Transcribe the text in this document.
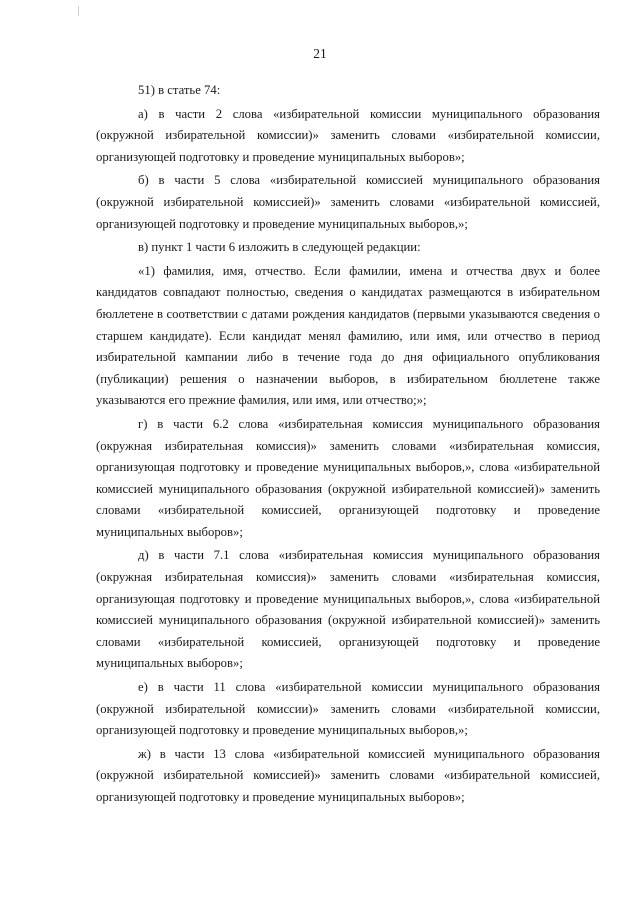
21

51) в статье 74:

а) в части 2 слова «избирательной комиссии муниципального образования (окружной избирательной комиссии)» заменить словами «избирательной комиссии, организующей подготовку и проведение муниципальных выборов»;

б) в части 5 слова «избирательной комиссией муниципального образования (окружной избирательной комиссией)» заменить словами «избирательной комиссией, организующей подготовку и проведение муниципальных выборов,»;

в) пункт 1 части 6 изложить в следующей редакции:

«1) фамилия, имя, отчество. Если фамилии, имена и отчества двух и более кандидатов совпадают полностью, сведения о кандидатах размещаются в избирательном бюллетене в соответствии с датами рождения кандидатов (первыми указываются сведения о старшем кандидате). Если кандидат менял фамилию, или имя, или отчество в период избирательной кампании либо в течение года до дня официального опубликования (публикации) решения о назначении выборов, в избирательном бюллетене также указываются его прежние фамилия, или имя, или отчество;»;

г) в части 6.2 слова «избирательная комиссия муниципального образования (окружная избирательная комиссия)» заменить словами «избирательная комиссия, организующая подготовку и проведение муниципальных выборов,», слова «избирательной комиссией муниципального образования (окружной избирательной комиссией)» заменить словами «избирательной комиссией, организующей подготовку и проведение муниципальных выборов»;

д) в части 7.1 слова «избирательная комиссия муниципального образования (окружная избирательная комиссия)» заменить словами «избирательная комиссия, организующая подготовку и проведение муниципальных выборов,», слова «избирательной комиссией муниципального образования (окружной избирательной комиссией)» заменить словами «избирательной комиссией, организующей подготовку и проведение муниципальных выборов»;

е) в части 11 слова «избирательной комиссии муниципального образования (окружной избирательной комиссии)» заменить словами «избирательной комиссии, организующей подготовку и проведение муниципальных выборов,»;

ж) в части 13 слова «избирательной комиссией муниципального образования (окружной избирательной комиссией)» заменить словами «избирательной комиссией, организующей подготовку и проведение муниципальных выборов»;
